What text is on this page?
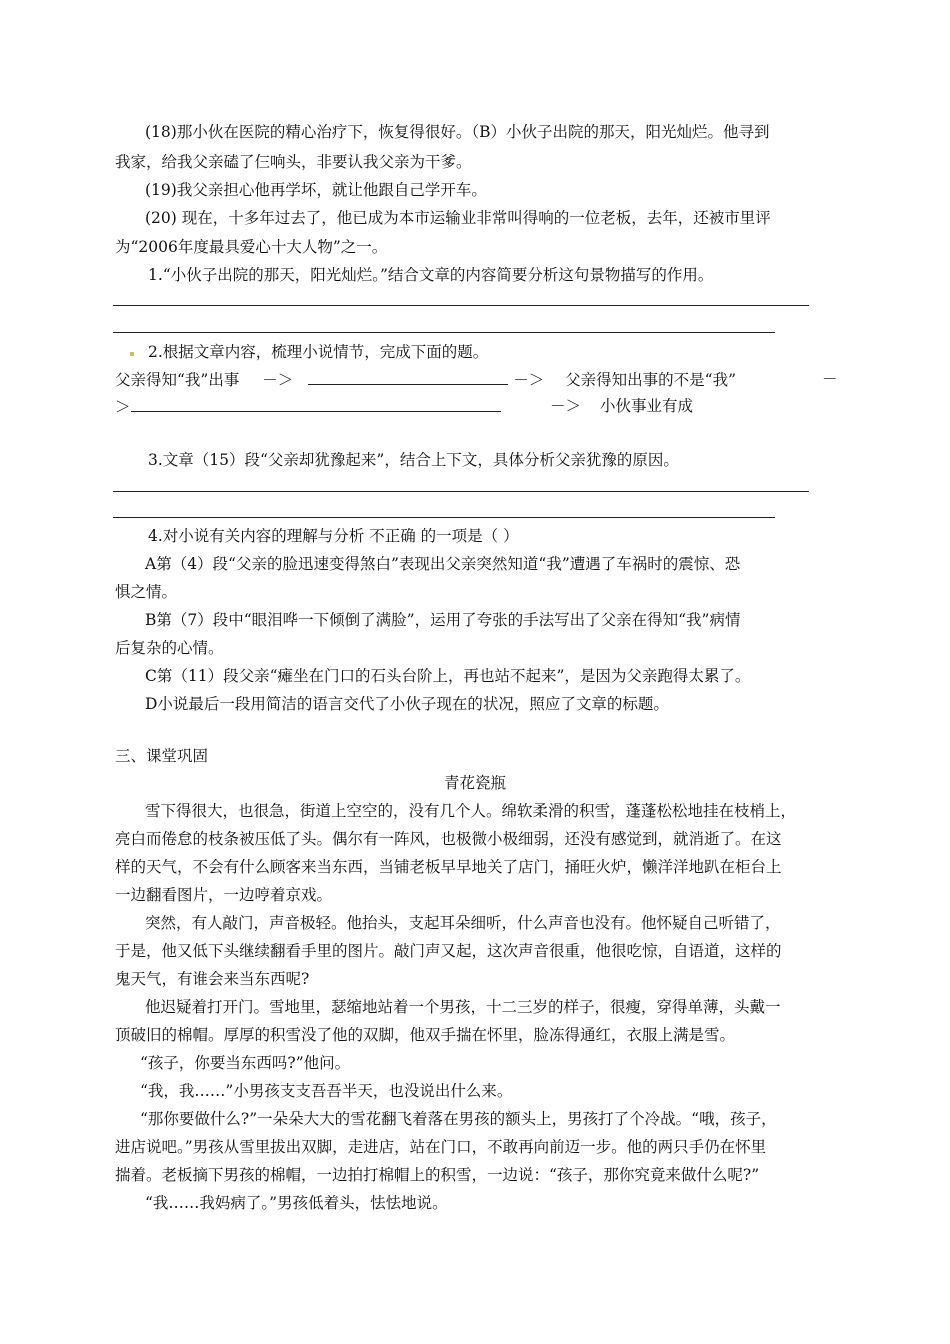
(18)那小伙在医院的精心治疗下，恢复得很好。（B）小伙子出院的那天，阳光灿烂。他寻到
我家，给我父亲磕了仨响头，非要认我父亲为干爹。
(19)我父亲担心他再学坏，就让他跟自己学开车。
(20) 现在，十多年过去了，他已成为本市运输业非常叫得响的一位老板，去年，还被市里评
为“2006年度最具爱心十大人物”之一。
1.“小伙子出院的那天，阳光灿烂。”结合文章的内容简要分析这句景物描写的作用。
2.根据文章内容，梳理小说情节，完成下面的题。
父亲得知“我”出事 －＞	－＞ 父亲得知出事的不是“我”	－
＞	－＞ 小伙事业有成
3.文章（15）段“父亲却犹豫起来”，结合上下文，具体分析父亲犹豫的原因。
4.对小说有关内容的理解与分析 不正确 的一项是（ ）
A第（4）段“父亲的脸迅速变得煞白”表现出父亲突然知道“我”遭遇了车祸时的震惊、恐
惧之情。
B第（7）段中“眼泪哗一下倾倒了满脸”，运用了夸张的手法写出了父亲在得知“我”病情
后复杂的心情。
C第（11）段父亲“瘫坐在门口的石头台阶上，再也站不起来”，是因为父亲跑得太累了。
D小说最后一段用简洁的语言交代了小伙子现在的状况，照应了文章的标题。
三、课堂巩固
青花瓷瓶
雪下得很大，也很急，街道上空空的，没有几个人。绵软柔滑的积雪，蓬蓬松松地挂在枝梢上，
亮白而倦怠的枝条被压低了头。偶尔有一阵风，也极微小极细弱，还没有感觉到，就消逝了。在这
样的天气，不会有什么顾客来当东西，当铺老板早早地关了店门，捅旺火炉，懒洋洋地趴在柜台上
一边翻看图片，一边哼着京戏。
突然，有人敲门，声音极轻。他抬头，支起耳朵细听，什么声音也没有。他怀疑自己听错了，
于是，他又低下头继续翻看手里的图片。敲门声又起，这次声音很重，他很吃惊，自语道，这样的
鬼天气，有谁会来当东西呢?
他迟疑着打开门。雪地里，瑟缩地站着一个男孩，十二三岁的样子，很瘦，穿得单薄，头戴一
顶破旧的棉帽。厚厚的积雪没了他的双脚，他双手揣在怀里，脸冻得通红，衣服上满是雪。
“孩子，你要当东西吗?”他问。
“我，我……”小男孩支支吾吾半天，也没说出什么来。
“那你要做什么?”一朵朵大大的雪花翻飞着落在男孩的额头上，男孩打了个冷战。“哦，孩子，
进店说吧。”男孩从雪里拔出双脚，走进店，站在门口，不敢再向前迈一步。他的两只手仍在怀里
揣着。老板摘下男孩的棉帽，一边拍打棉帽上的积雪，一边说：“孩子，那你究竟来做什么呢?”
“我……我妈病了。”男孩低着头，怯怯地说。
